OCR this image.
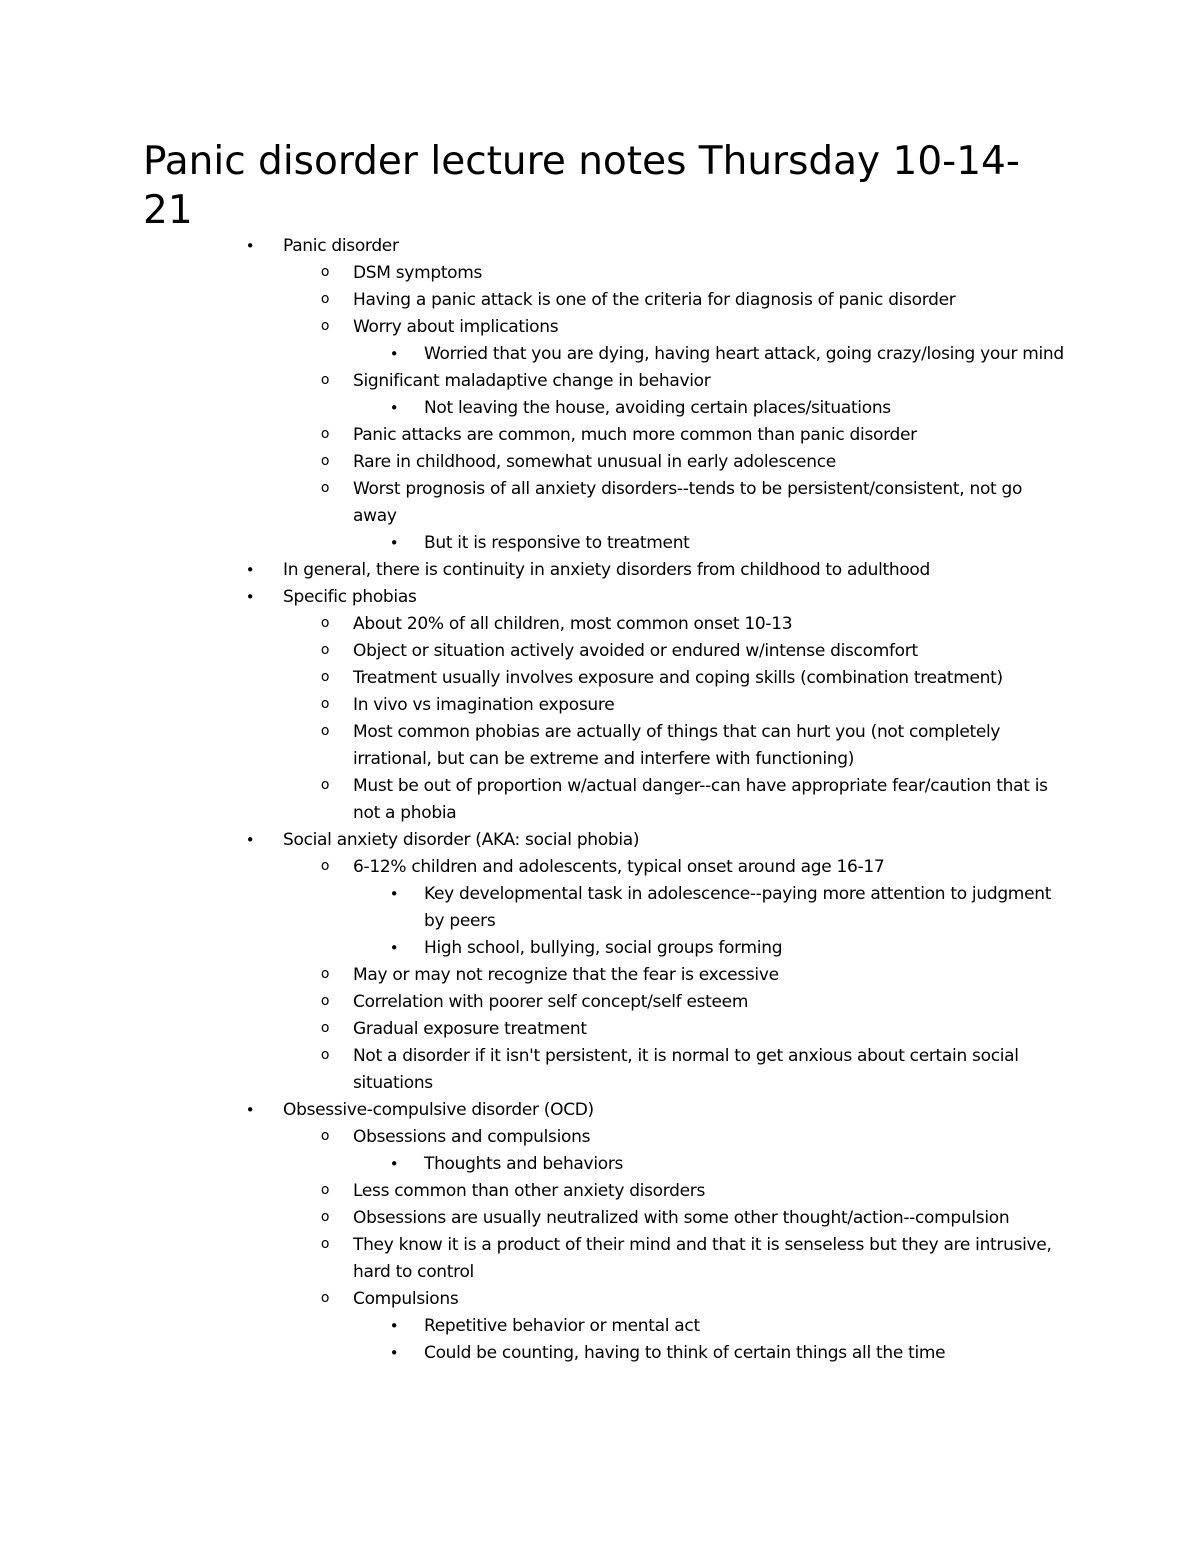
Panic disorder lecture notes Thursday 10-14-21
•	Panic disorder
o	DSM symptoms
o	Having a panic attack is one of the criteria for diagnosis of panic disorder
o	Worry about implications
•	Worried that you are dying, having heart attack, going crazy/losing your mind
o	Significant maladaptive change in behavior
•	Not leaving the house, avoiding certain places/situations
o	Panic attacks are common, much more common than panic disorder
o	Rare in childhood, somewhat unusual in early adolescence
o	Worst prognosis of all anxiety disorders--tends to be persistent/consistent, not go away
•	But it is responsive to treatment
•	In general, there is continuity in anxiety disorders from childhood to adulthood
•	Specific phobias
o	About 20% of all children, most common onset 10-13
o	Object or situation actively avoided or endured w/intense discomfort
o	Treatment usually involves exposure and coping skills (combination treatment)
o	In vivo vs imagination exposure
o	Most common phobias are actually of things that can hurt you (not completely irrational, but can be extreme and interfere with functioning)
o	Must be out of proportion w/actual danger--can have appropriate fear/caution that is not a phobia
•	Social anxiety disorder (AKA: social phobia)
o	6-12% children and adolescents, typical onset around age 16-17
•	Key developmental task in adolescence--paying more attention to judgment by peers
•	High school, bullying, social groups forming
o	May or may not recognize that the fear is excessive
o	Correlation with poorer self concept/self esteem
o	Gradual exposure treatment
o	Not a disorder if it isn't persistent, it is normal to get anxious about certain social situations
•	Obsessive-compulsive disorder (OCD)
o	Obsessions and compulsions
•	Thoughts and behaviors
o	Less common than other anxiety disorders
o	Obsessions are usually neutralized with some other thought/action--compulsion
o	They know it is a product of their mind and that it is senseless but they are intrusive, hard to control
o	Compulsions
•	Repetitive behavior or mental act
•	Could be counting, having to think of certain things all the time
